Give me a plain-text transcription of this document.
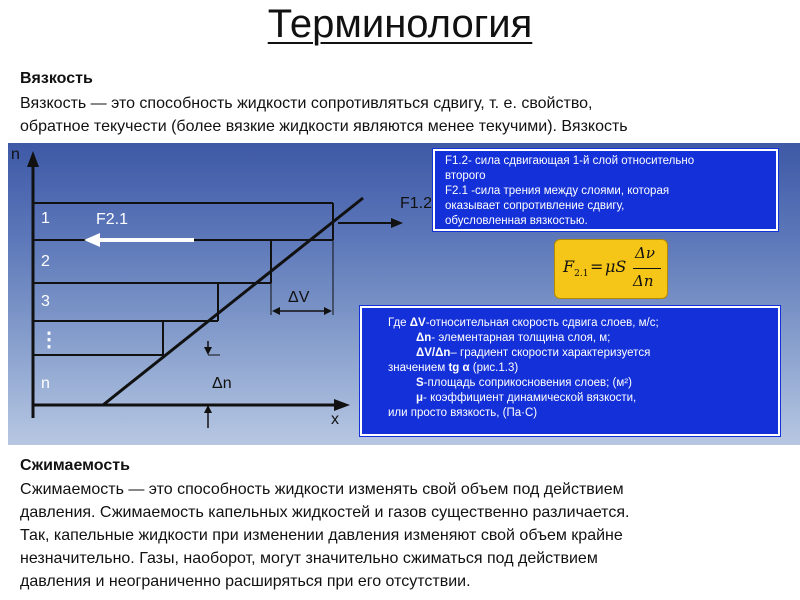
Терминология
Вязкость
Вязкость — это способность жидкости сопротивляться сдвигу, т. е. свойство,
обратное текучести (более вязкие жидкости являются менее текучими). Вязкость
n
x
1
2
3
⋮
n
F2.1
F1.2
ΔV
Δn
F1.2- сила сдвигающая 1-й слой относительно
второго
F2.1 -сила трения между слоями, которая
оказывает сопротивление сдвигу,
обусловленная вязкостью.
$F_{2.1} = \mu S$
Δν
Δn
Где ΔV-относительная скорость сдвига слоев, м/с;
Δn- элементарная толщина слоя, м;
ΔV/Δn– градиент скорости характеризуется
значением tg α (рис.1.3)
S-площадь соприкосновения слоев; (м²)
μ- коэффициент динамической вязкости,
или просто вязкость, (Па·С)
Сжимаемость
Сжимаемость — это способность жидкости изменять свой объем под действием
давления. Сжимаемость капельных жидкостей и газов существенно различается.
Так, капельные жидкости при изменении давления изменяют свой объем крайне
незначительно. Газы, наоборот, могут значительно сжиматься под действием
давления и неограниченно расширяться при его отсутствии.
